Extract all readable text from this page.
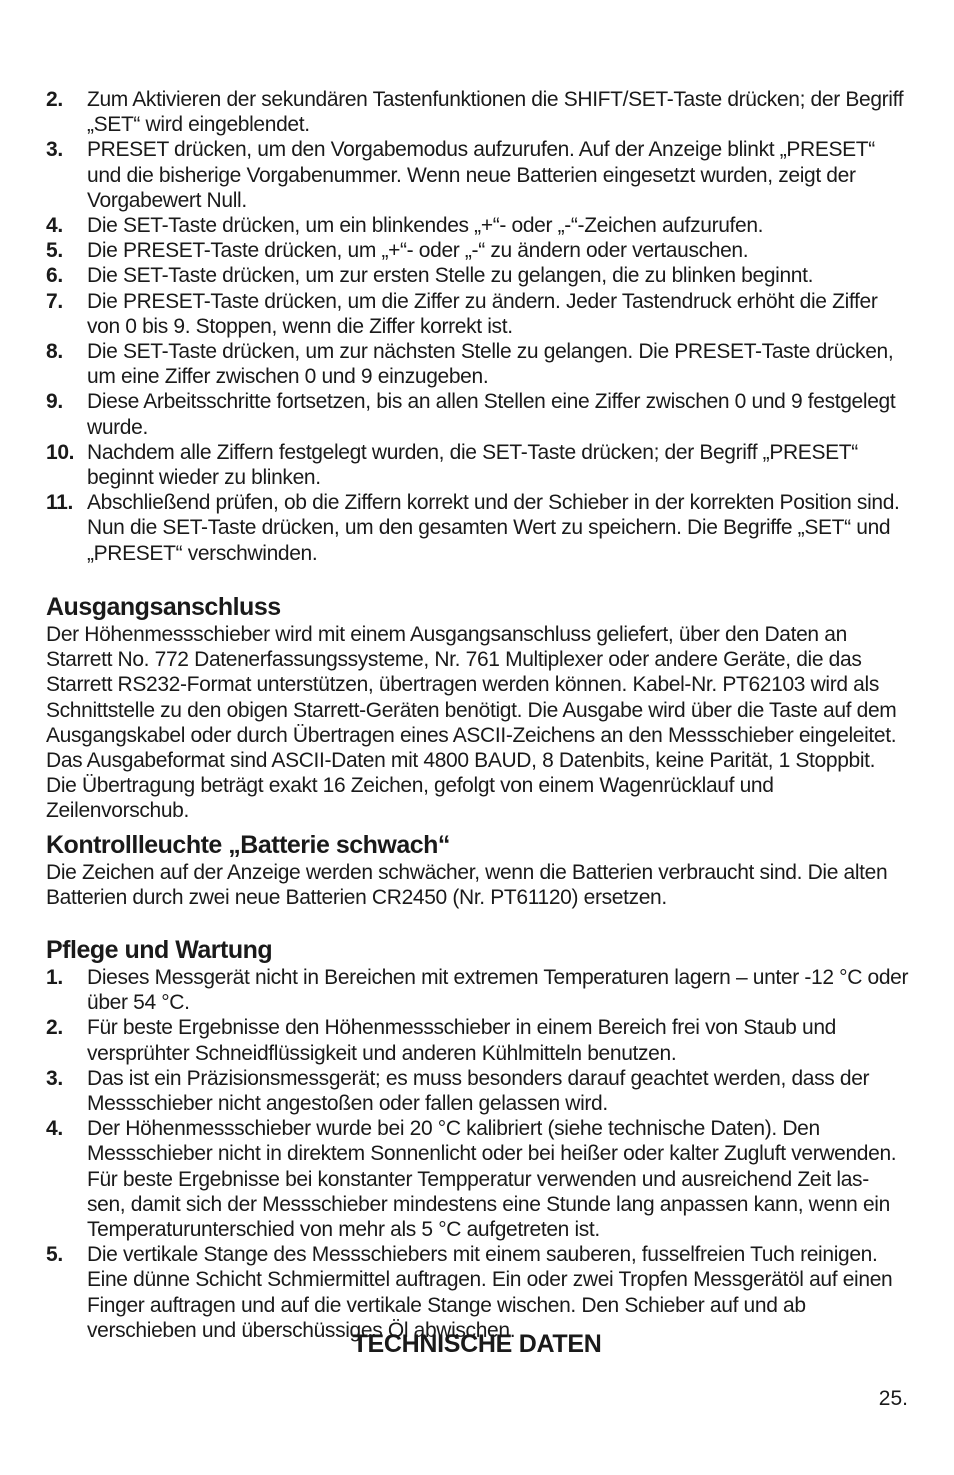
2. Zum Aktivieren der sekundären Tastenfunktionen die SHIFT/SET-Taste drücken; der Begriff „SET“ wird eingeblendet.
3. PRESET drücken, um den Vorgabemodus aufzurufen. Auf der Anzeige blinkt „PRESET“ und die bisherige Vorgabenummer. Wenn neue Batterien eingesetzt wurden, zeigt der Vorgabewert Null.
4. Die SET-Taste drücken, um ein blinkendes „+“- oder „-“-Zeichen aufzurufen.
5. Die PRESET-Taste drücken, um „+“- oder „-“ zu ändern oder vertauschen.
6. Die SET-Taste drücken, um zur ersten Stelle zu gelangen, die zu blinken beginnt.
7. Die PRESET-Taste drücken, um die Ziffer zu ändern. Jeder Tastendruck erhöht die Ziffer von 0 bis 9. Stoppen, wenn die Ziffer korrekt ist.
8. Die SET-Taste drücken, um zur nächsten Stelle zu gelangen. Die PRESET-Taste drücken, um eine Ziffer zwischen 0 und 9 einzugeben.
9. Diese Arbeitsschritte fortsetzen, bis an allen Stellen eine Ziffer zwischen 0 und 9 festgelegt wurde.
10. Nachdem alle Ziffern festgelegt wurden, die SET-Taste drücken; der Begriff „PRESET“ beginnt wieder zu blinken.
11. Abschließend prüfen, ob die Ziffern korrekt und der Schieber in der korrekten Position sind. Nun die SET-Taste drücken, um den gesamten Wert zu speichern. Die Begriffe „SET“ und „PRESET“ verschwinden.
Ausgangsanschluss

Der Höhenmessschieber wird mit einem Ausgangsanschluss geliefert, über den Daten an Starrett No. 772 Datenerfassungssysteme, Nr. 761 Multiplexer oder andere Geräte, die das Starrett RS232-Format unterstützen, übertragen werden können. Kabel-Nr. PT62103 wird als Schnittstelle zu den obigen Starrett-Geräten benötigt. Die Ausgabe wird über die Taste auf dem Ausgangskabel oder durch Übertragen eines ASCII-Zeichens an den Messschieber eingeleitet. Das Ausgabeformat sind ASCII-Daten mit 4800 BAUD, 8 Datenbits, keine Parität, 1 Stoppbit. Die Übertragung beträgt exakt 16 Zeichen, gefolgt von einem Wagenrücklauf und Zeilenvorschub.

Kontrollleuchte „Batterie schwach“

Die Zeichen auf der Anzeige werden schwächer, wenn die Batterien verbraucht sind. Die alten Batterien durch zwei neue Batterien CR2450 (Nr. PT61120) ersetzen.

Pflege und Wartung
1. Dieses Messgerät nicht in Bereichen mit extremen Temperaturen lagern – unter -12 °C oder über 54 °C.
2. Für beste Ergebnisse den Höhenmessschieber in einem Bereich frei von Staub und versprühter Schneidflüssigkeit und anderen Kühlmitteln benutzen.
3. Das ist ein Präzisionsmessgerät; es muss besonders darauf geachtet werden, dass der Messschieber nicht angestoßen oder fallen gelassen wird.
4. Der Höhenmessschieber wurde bei 20 °C kalibriert (siehe technische Daten). Den Messschieber nicht in direktem Sonnenlicht oder bei heißer oder kalter Zugluft verwenden. Für beste Ergebnisse bei konstanter Tempperatur verwenden und ausreichend Zeit las- sen, damit sich der Messschieber mindestens eine Stunde lang anpassen kann, wenn ein Temperaturunterschied von mehr als 5 °C aufgetreten ist.
5. Die vertikale Stange des Messschiebers mit einem sauberen, fusselfreien Tuch reinigen. Eine dünne Schicht Schmiermittel auftragen. Ein oder zwei Tropfen Messgerätöl auf einen Finger auftragen und auf die vertikale Stange wischen. Den Schieber auf und ab verschieben und überschüssiges Öl abwischen.
TECHNISCHE DATEN
25.
